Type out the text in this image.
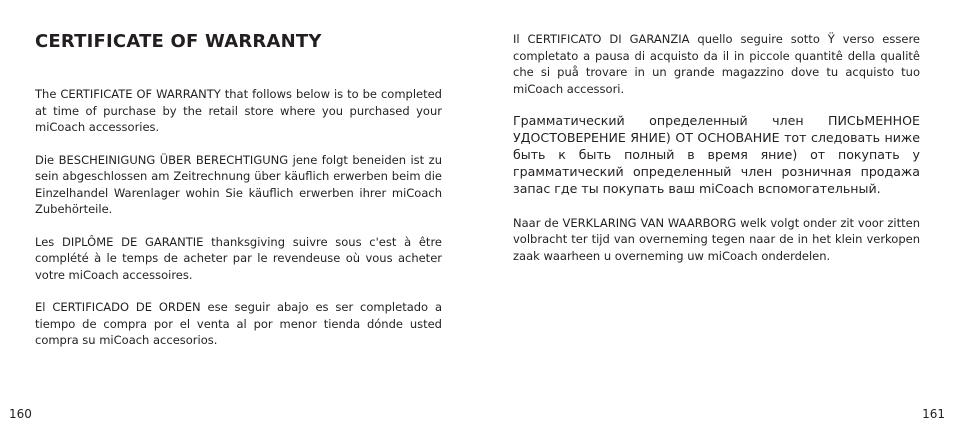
CERTIFICATE OF WARRANTY

The CERTIFICATE OF WARRANTY that follows below is to be completed at time of purchase by the retail store where you purchased your miCoach accessories.

Die BESCHEINIGUNG ÜBER BERECHTIGUNG jene folgt beneiden ist zu sein abgeschlossen am Zeitrechnung über käuflich erwerben beim die Einzelhandel Warenlager wohin Sie käuflich erwerben ihrer miCoach Zubehörteile.

Les DIPLÔME DE GARANTIE thanksgiving suivre sous c'est à être complété à le temps de acheter par le revendeuse où vous acheter votre miCoach accessoires.

El CERTIFICADO DE ORDEN ese seguir abajo es ser completado a tiempo de compra por el venta al por menor tienda dónde usted compra su miCoach accesorios.

160

Il CERTIFICATO DI GARANZIA quello seguire sotto Ÿ verso essere completato a pausa di acquisto da il in piccole quantitê della qualitê che si puå trovare in un grande magazzino dove tu acquisto tuo miCoach accessori.

Грамматический определенный член ПИСЬМЕННОЕ УДОСТОВЕРЕНИЕ ЯНИЕ) ОТ ОСНОВАНИЕ тот следовать ниже быть к быть полный в время яние) от покупать у грамматический определенный член розничная продажа запас где ты покупать ваш miCoach вспомогательный.

Naar de VERKLARING VAN WAARBORG welk volgt onder zit voor zitten volbracht ter tijd van overneming tegen naar de in het klein verkopen zaak waarheen u overneming uw miCoach onderdelen.

161
